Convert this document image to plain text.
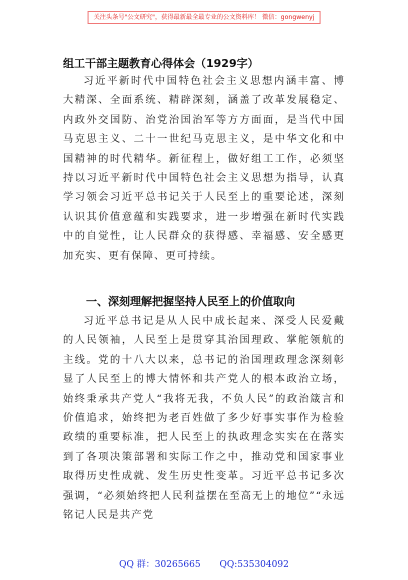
关注头条号"公文研究"，获得最新最全最专业的公文资料库！ 微信：gongwenyj
组工干部主题教育心得体会（1929字）

习近平新时代中国特色社会主义思想内涵丰富、博大精深、全面系统、精辟深刻，涵盖了改革发展稳定、内政外交国防、治党治国治军等方方面面，是当代中国马克思主义、二十一世纪马克思主义，是中华文化和中国精神的时代精华。新征程上，做好组工工作，必须坚持以习近平新时代中国特色社会主义思想为指导，认真学习领会习近平总书记关于人民至上的重要论述，深刻认识其价值意蕴和实践要求，进一步增强在新时代实践中的自觉性，让人民群众的获得感、幸福感、安全感更加充实、更有保障、更可持续。

一、深刻理解把握坚持人民至上的价值取向

习近平总书记是从人民中成长起来、深受人民爱戴的人民领袖，人民至上是贯穿其治国理政、掌舵领航的主线。党的十八大以来，总书记的治国理政理念深刻彰显了人民至上的博大情怀和共产党人的根本政治立场，始终秉承共产党人“我将无我，不负人民”的政治箴言和价值追求，始终把为老百姓做了多少好事实事作为检验政绩的重要标准，把人民至上的执政理念实实在在落实到了各项决策部署和实际工作之中，推动党和国家事业取得历史性成就、发生历史性变革。习近平总书记多次强调，“必须始终把人民利益摆在至高无上的地位”“永远铭记人民是共产党

QQ 群：30265665 QQ:535304092
